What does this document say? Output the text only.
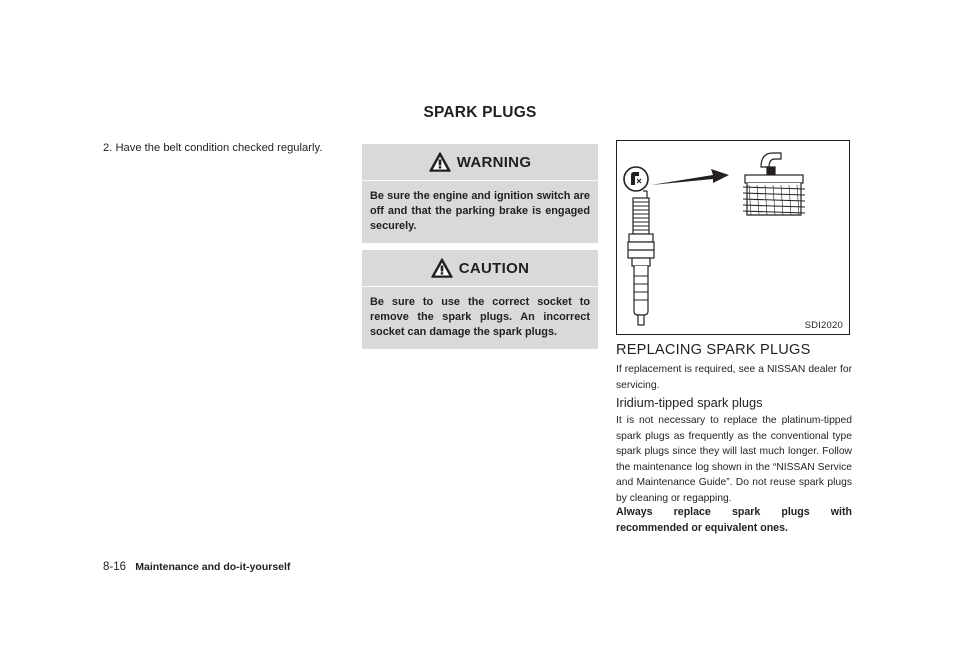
SPARK PLUGS
2. Have the belt condition checked regularly.
WARNING
Be sure the engine and ignition switch are off and that the parking brake is engaged securely.
CAUTION
Be sure to use the correct socket to remove the spark plugs. An incorrect socket can damage the spark plugs.
SDI2020
REPLACING SPARK PLUGS
If replacement is required, see a NISSAN dealer for servicing.
Iridium-tipped spark plugs
It is not necessary to replace the platinum-tipped spark plugs as frequently as the conventional type spark plugs since they will last much longer. Follow the maintenance log shown in the “NISSAN Service and Maintenance Guide”. Do not reuse spark plugs by cleaning or regapping.
Always replace spark plugs with recommended or equivalent ones.
8-16 Maintenance and do-it-yourself
